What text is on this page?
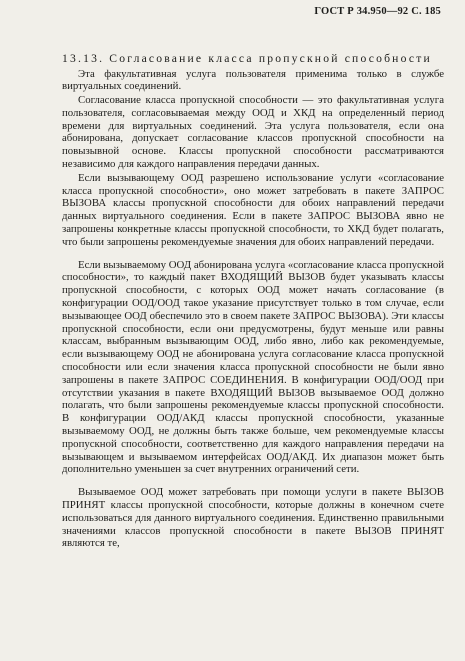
ГОСТ Р 34.950—92 С. 185

13.13. Согласование класса пропускной способности

Эта факультативная услуга пользователя применима только в службе виртуальных соединений.

Согласование класса пропускной способности — это факультативная услуга пользователя, согласовываемая между ООД и ХКД на определенный период времени для виртуальных соединений. Эта услуга пользователя, если она абонирована, допускает согласование классов пропускной способности на повызывной основе. Классы пропускной способности рассматриваются независимо для каждого направления передачи данных.

Если вызывающему ООД разрешено использование услуги «согласование класса пропускной способности», оно может затребовать в пакете ЗАПРОС ВЫЗОВА классы пропускной способности для обоих направлений передачи данных виртуального соединения. Если в пакете ЗАПРОС ВЫЗОВА явно не запрошены конкретные классы пропускной способности, то ХКД будет полагать, что были запрошены рекомендуемые значения для обоих направлений передачи.

Если вызываемому ООД абонирована услуга «согласование класса пропускной способности», то каждый пакет ВХОДЯЩИЙ ВЫЗОВ будет указывать классы пропускной способности, с которых ООД может начать согласование (в конфигурации ООД/ООД такое указание присутствует только в том случае, если вызывающее ООД обеспечило это в своем пакете ЗАПРОС ВЫЗОВА). Эти классы пропускной способности, если они предусмотрены, будут меньше или равны классам, выбранным вызывающим ООД, либо явно, либо как рекомендуемые, если вызывающему ООД не абонирована услуга согласование класса пропускной способности или если значения класса пропускной способности не были явно запрошены в пакете ЗАПРОС СОЕДИНЕНИЯ. В конфигурации ООД/ООД при отсутствии указания в пакете ВХОДЯЩИЙ ВЫЗОВ вызываемое ООД должно полагать, что были запрошены рекомендуемые классы пропускной способности. В конфигурации ООД/АКД классы пропускной способности, указанные вызываемому ООД, не должны быть также больше, чем рекомендуемые классы пропускной способности, соответственно для каждого направления передачи на вызывающем и вызываемом интерфейсах ООД/АКД. Их диапазон может быть дополнительно уменьшен за счет внутренних ограничений сети.

Вызываемое ООД может затребовать при помощи услуги в пакете ВЫЗОВ ПРИНЯТ классы пропускной способности, которые должны в конечном счете использоваться для данного виртуального соединения. Единственно правильными значениями классов пропускной способности в пакете ВЫЗОВ ПРИНЯТ являются те,
